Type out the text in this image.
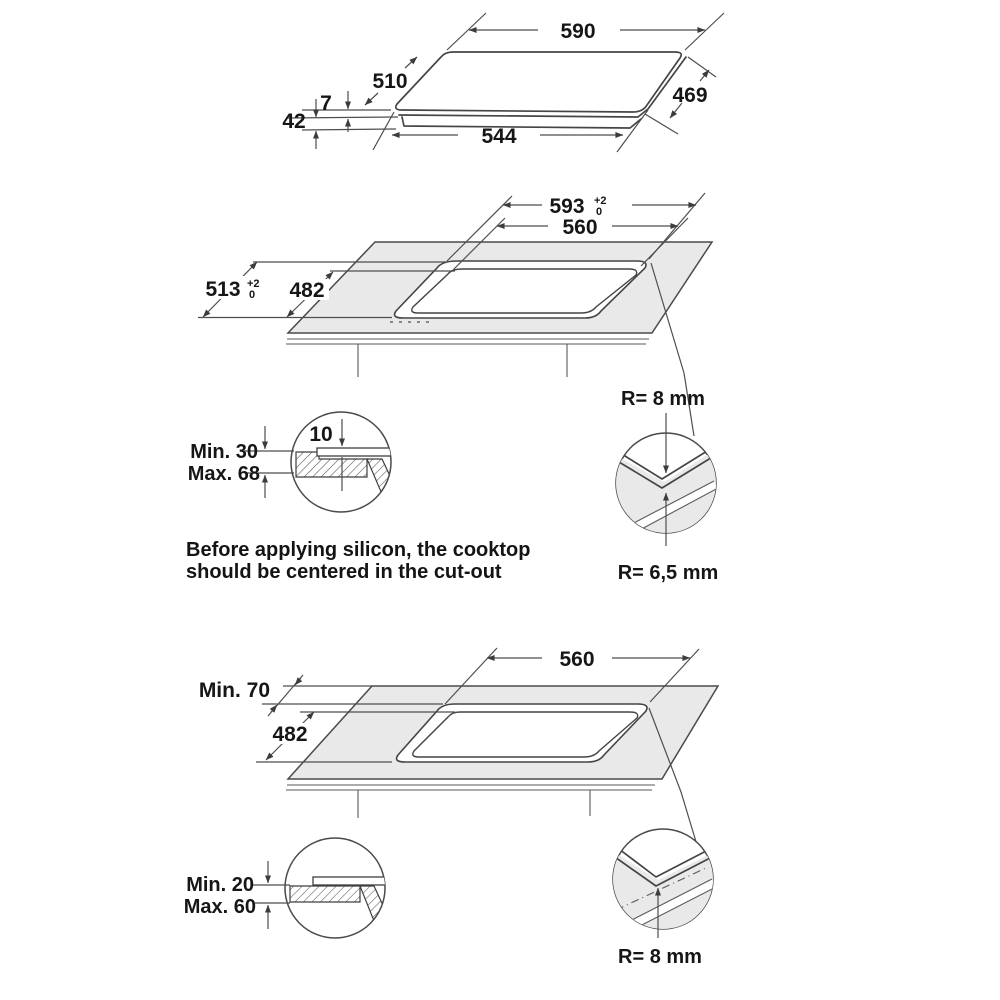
590
510
469
7
42
544
593 +2
0
560
513 +2
0 482
10
Min. 30
Max. 68
R= 8 mm
R= 6,5 mm
Before applying silicon, the cooktop
should be centered in the cut-out
560
Min. 70
482
Min. 20
Max. 60
R= 8 mm
